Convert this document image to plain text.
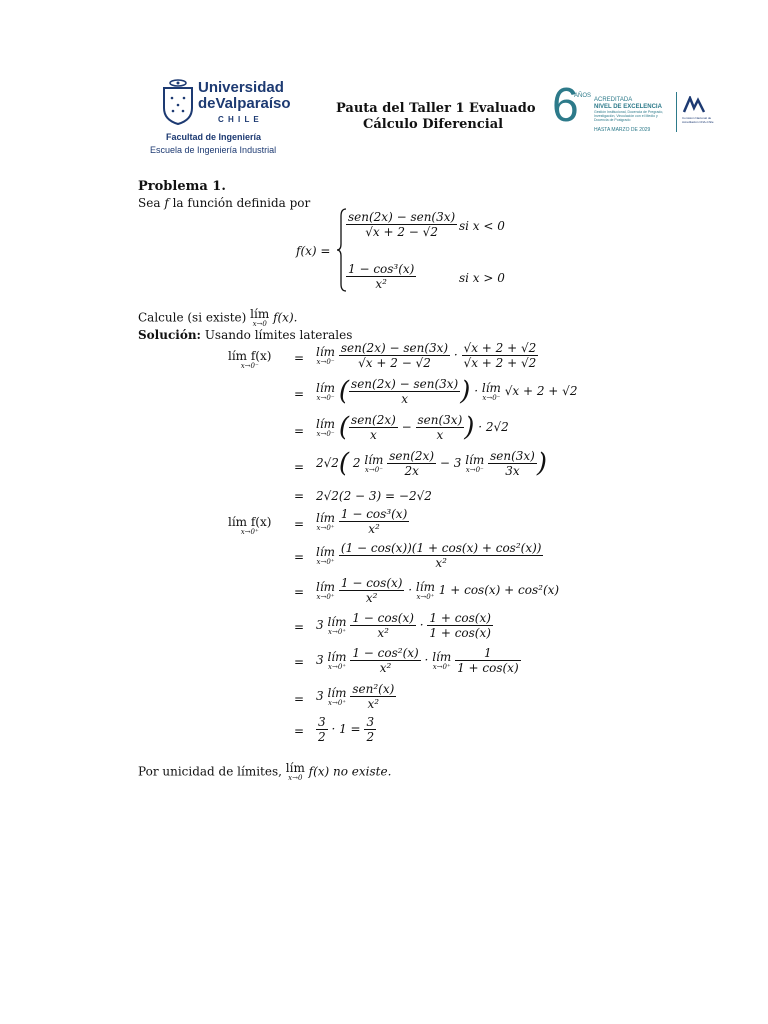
Universidad
deValparaíso
C H I L E
Facultad de Ingeniería
Escuela de Ingeniería Industrial
Pauta del Taller 1 Evaluado
Cálculo Diferencial 6
AÑOS
ACREDITADA
NIVEL DE EXCELENCIA
Gestión Institucional, Docencia de Pregrado, Investigación, Vinculación con el Medio y Docencia de Postgrado
HASTA MARZO DE 2029
Comisión Nacional de Acreditación CNA-Chile
Problema 1.
Sea f la función definida por
f(x) =
$\frac{\text{sen(2x) − sen(3x)}}{√x + 2 - √2}$ si x < 0
$\frac{\text{1 − cos³(x)}}{\text{x²}}$	si x > 0
Calcule (si existe) lím
x→0 f(x).
Solución: Usando límites laterales
lím f(x)
x→0⁻
lím f(x)
x→0⁺
=
=
=
=
=
=
=
=
=
=
=
=
lím
x→0⁻
$\frac{\text{sen(2x) − sen(3x)}}{√x + 2 - √2} \cdot \frac{√x + 2 + √2}{√x + 2 + √2}$
lím
x→0⁻ ( $\frac{\text{sen(2x) − sen(3x)}}{x}$ ) · lím
x→0⁻ √x + 2 + √2
lím
x→0⁻ ( $\frac{\text{sen(2x)}}{x} - \frac{\text{sen(3x)}}{x}$ ) · 2√2
2√2( 2 lím
x→0⁻
$\frac{\text{sen(2x)}}{2x} - 3$ lím
x→0⁻
$\frac{\text{sen(3x)}}{3x}$ )
2√2(2 − 3) = −2√2
lím
x→0⁺
$\frac{\text{1 − cos³(x)}}{\text{x²}}$
lím
x→0⁺
$\frac{\text{(1 − cos(x))(1 + cos(x) + cos²(x))}}{\text{x²}}$
lím
x→0⁺
$\frac{1 - \cos(x)}{\text{x²}}$ · lím
x→0⁺ 1 + cos(x) + cos²(x)
3 lím
x→0⁺
$\frac{1 - \cos(x)}{\text{x²}} \cdot \frac{1 + \cos(x)}{1 + \cos(x)}$
3 lím
x→0⁺
$\frac{\text{1 − cos²(x)}}{\text{x²}}$ · lím
x→0⁺
$\frac{1}{1 + \cos(x)}$
3 lím
x→0⁺
$\frac{\text{sen²(x)}}{\text{x²}}$
$\frac{3}{2} \cdot 1 = \frac{3}{2}$
Por unicidad de límites, lím
x→0 f(x) no existe.
